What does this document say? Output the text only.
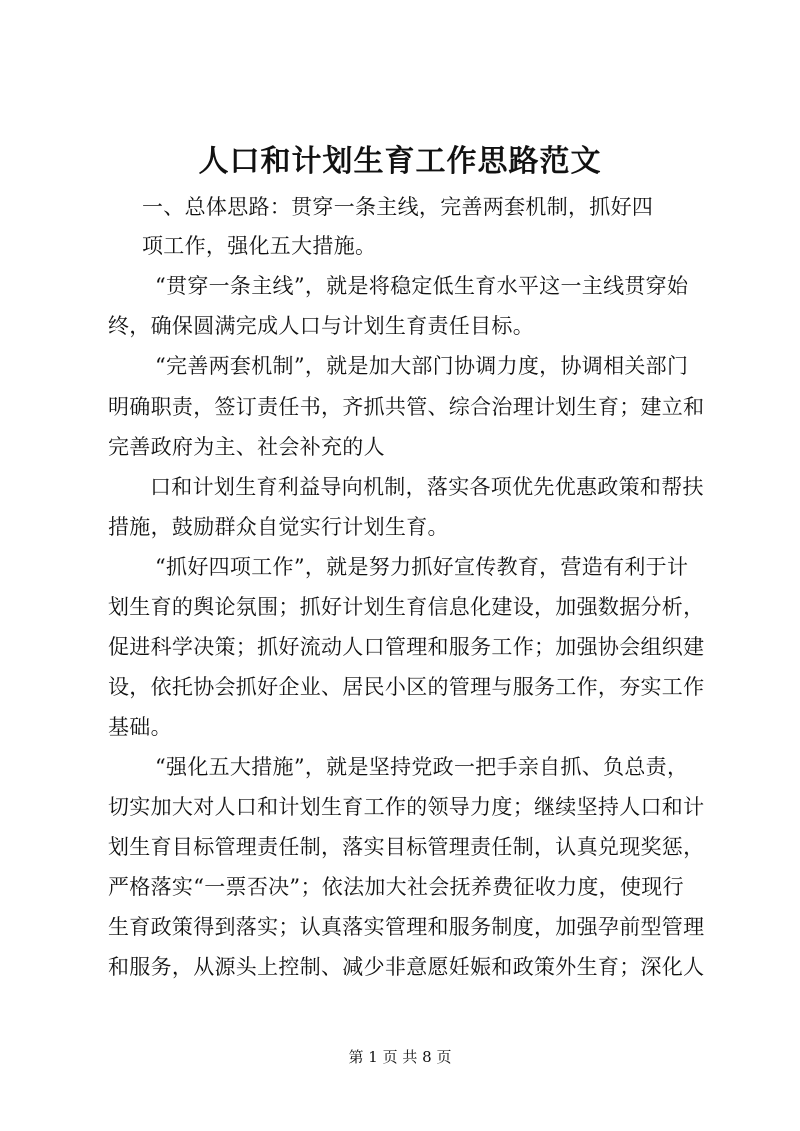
人口和计划生育工作思路范文
一、总体思路：贯穿一条主线，完善两套机制，抓好四
项工作，强化五大措施。
“贯穿一条主线”，就是将稳定低生育水平这一主线贯穿始
终，确保圆满完成人口与计划生育责任目标。
“完善两套机制”，就是加大部门协调力度，协调相关部门
明确职责，签订责任书，齐抓共管、综合治理计划生育；建立和
完善政府为主、社会补充的人
口和计划生育利益导向机制，落实各项优先优惠政策和帮扶
措施，鼓励群众自觉实行计划生育。
“抓好四项工作”，就是努力抓好宣传教育，营造有利于计
划生育的舆论氛围；抓好计划生育信息化建设，加强数据分析，
促进科学决策；抓好流动人口管理和服务工作；加强协会组织建
设，依托协会抓好企业、居民小区的管理与服务工作，夯实工作
基础。
“强化五大措施”，就是坚持党政一把手亲自抓、负总责，
切实加大对人口和计划生育工作的领导力度；继续坚持人口和计
划生育目标管理责任制，落实目标管理责任制，认真兑现奖惩，
严格落实“一票否决”；依法加大社会抚养费征收力度，使现行
生育政策得到落实；认真落实管理和服务制度，加强孕前型管理
和服务，从源头上控制、减少非意愿妊娠和政策外生育；深化人
第 1 页 共 8 页
